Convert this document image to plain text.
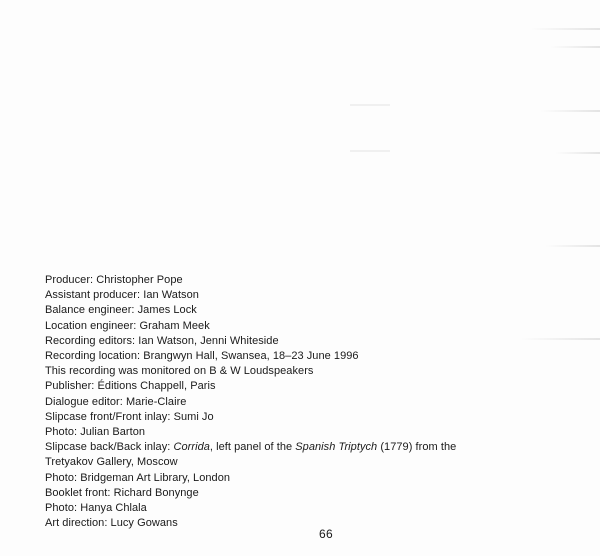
Producer: Christopher Pope
Assistant producer: Ian Watson
Balance engineer: James Lock
Location engineer: Graham Meek
Recording editors: Ian Watson, Jenni Whiteside
Recording location: Brangwyn Hall, Swansea, 18–23 June 1996
This recording was monitored on B & W Loudspeakers
Publisher: Éditions Chappell, Paris
Dialogue editor: Marie-Claire
Slipcase front/Front inlay: Sumi Jo
Photo: Julian Barton
Slipcase back/Back inlay: Corrida, left panel of the Spanish Triptych (1779) from the
Tretyakov Gallery, Moscow
Photo: Bridgeman Art Library, London
Booklet front: Richard Bonynge
Photo: Hanya Chlala
Art direction: Lucy Gowans
66
